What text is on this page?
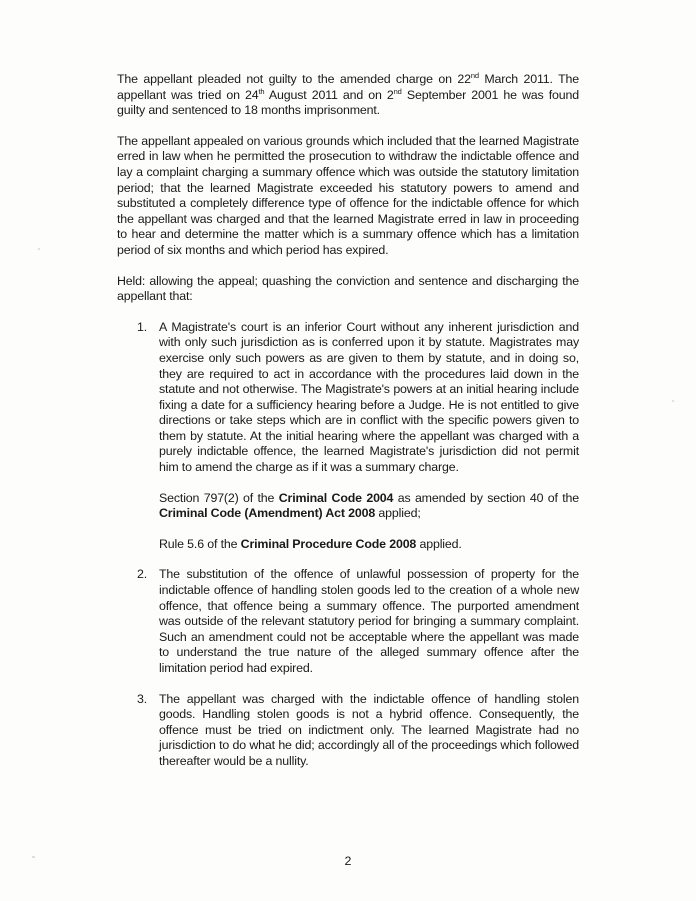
The appellant pleaded not guilty to the amended charge on 22nd March 2011. The appellant was tried on 24th August 2011 and on 2nd September 2001 he was found guilty and sentenced to 18 months imprisonment.

The appellant appealed on various grounds which included that the learned Magistrate erred in law when he permitted the prosecution to withdraw the indictable offence and lay a complaint charging a summary offence which was outside the statutory limitation period; that the learned Magistrate exceeded his statutory powers to amend and substituted a completely difference type of offence for the indictable offence for which the appellant was charged and that the learned Magistrate erred in law in proceeding to hear and determine the matter which is a summary offence which has a limitation period of six months and which period has expired.

Held: allowing the appeal; quashing the conviction and sentence and discharging the appellant that:

1. A Magistrate's court is an inferior Court without any inherent jurisdiction and with only such jurisdiction as is conferred upon it by statute. Magistrates may exercise only such powers as are given to them by statute, and in doing so, they are required to act in accordance with the procedures laid down in the statute and not otherwise. The Magistrate's powers at an initial hearing include fixing a date for a sufficiency hearing before a Judge. He is not entitled to give directions or take steps which are in conflict with the specific powers given to them by statute. At the initial hearing where the appellant was charged with a purely indictable offence, the learned Magistrate's jurisdiction did not permit him to amend the charge as if it was a summary charge.

Section 797(2) of the Criminal Code 2004 as amended by section 40 of the Criminal Code (Amendment) Act 2008 applied;

Rule 5.6 of the Criminal Procedure Code 2008 applied.

2. The substitution of the offence of unlawful possession of property for the indictable offence of handling stolen goods led to the creation of a whole new offence, that offence being a summary offence. The purported amendment was outside of the relevant statutory period for bringing a summary complaint. Such an amendment could not be acceptable where the appellant was made to understand the true nature of the alleged summary offence after the limitation period had expired.

3. The appellant was charged with the indictable offence of handling stolen goods. Handling stolen goods is not a hybrid offence. Consequently, the offence must be tried on indictment only. The learned Magistrate had no jurisdiction to do what he did; accordingly all of the proceedings which followed thereafter would be a nullity.

2
